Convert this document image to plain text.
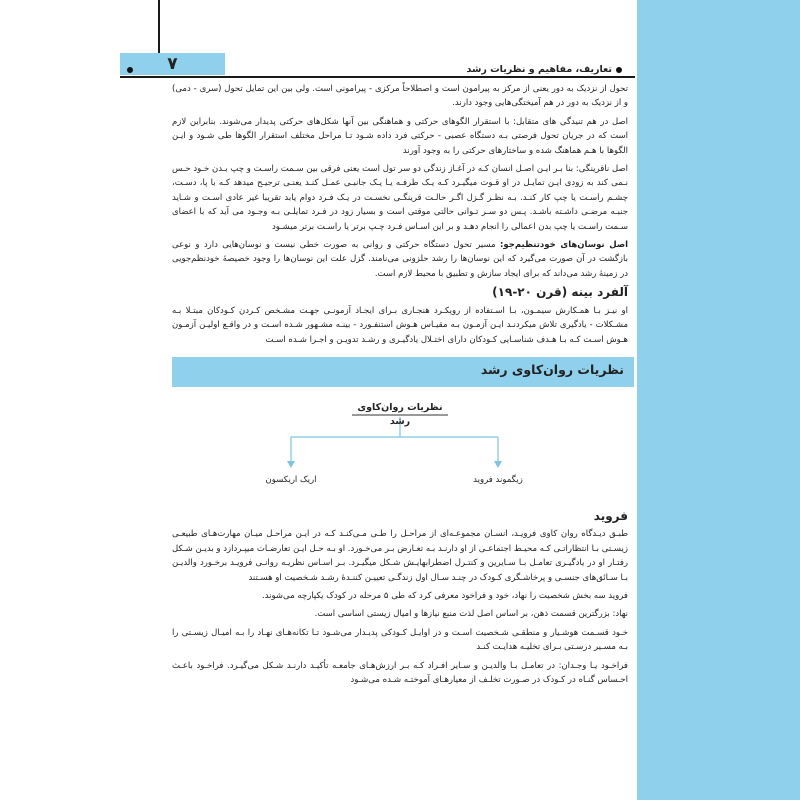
۷	تعاریف، مفاهیم و نظریات رشد

تحول از نزدیک به دور یعنی از مرکز به پیرامون است و اصطلاحاً مرکزی - پیرامونی است. ولی بین این تمایل تحول (سری - دمی) و از نزدیک به دور در هم آمیختگی‌هایی وجود دارند.

اصل در هم تنیدگی های متقابل: با استقرار الگوهای حرکتی و هماهنگی بین آنها شکل‌های حرکتی پدیدار می‌شوند. بنابراین لازم است که در جریان تحول فرصتی بـه دستگاه عصبی - حرکتی فرد داده شـود تـا مراحل مختلف استقرار الگوها طی شـود و ایـن الگوها با هـم هماهنگ شده و ساختارهای حرکتی را به وجود آورند

اصل ناقرینگی: بنا بـر ایـن اصـل انسان کـه در آغـاز زندگی دو سر تول است یعنی فرقی بین سـمت راسـت و چپ بـدن خـود حـس نـمی کند به زودی ایـن تمایـل در او قـوت میگیـرد کـه یـک طرفـه یـا یـک جانبـی عمـل کنـد یعنـی ترجیـح میدهد کـه با پا، دسـت، چشـم راسـت یا چپ کار کنـد. بـه نظـر گـزل اگـر حالـت قرینگـی نخسـت در یـک فـرد دوام یابد تقریبا غیر عادی اسـت و شـاید جنبـه مرضـی داشـته باشـد. پـس دو سـر تـوانی حالتی موقتی است و بسیار زود در فـرد تمایلـی بـه وجـود می آید که با اعضای سـمت راسـت یا چپ بدن اعمالی را انجام دهـد و بر این اسـاس فـرد چـپ برتر یا راسـت برتر میشـود

اصل نوسان‌های خودتنظیم‌جو: مسیر تحول دستگاه حرکتی و روانی به صورت خطی نیست و نوسان‌هایی دارد و نوعی بازگشت در آن صورت می‌گیرد که این نوسان‌ها را رشد حلزونی می‌نامند. گزل علت این نوسان‌ها را وجود خصیصهٔ خودنظم‌جویی در زمینهٔ رشد می‌داند که برای ایجاد سازش و تطبیق با محیط لازم است.

آلفرد بینه (قرن ۲۰-۱۹)

او نیـز بـا همـکارش سیمـون، بـا اسـتفاده از رویکـرد هنجـاری بـرای ایجـاد آزمونـی جهـت مشـخص کـردن کـودکان مبتـلا بـه مشـکلات - یادگیری تلاش میکردنـد ایـن آزمـون بـه مقیـاس هـوش استنفـورد - بینـه مشـهور شـده اسـت و در واقـع اولیـن آزمـون هـوش اسـت کـه بـا هـدف شناسـایی کـودکان دارای اختـلال یادگیـری و رشـد تدویـن و اجـرا شـده اسـت

نظریات روان‌کاوی رشد
نظریات روان‌کاوی رشد
اریک اریکسون	زیگموند فروید
فروید

طبـق دیـدگاه روان کاوی فرویـد، انسـان مجموعـه‌ای از مراحـل را طـی مـی‌کنـد کـه در ایـن مراحـل میـان مهارت‌هـای طبیعـی زیسـتی بـا انتظاراتـی کـه محیـط اجتماعـی از او دارنـد بـه تعـارض بـر می‌خـورد. او بـه حـل ایـن تعارضـات میپـردازد و بدیـن شـکل رفتـار او در یادگیـری تعامـل بـا سـایرین و کنتـرل اضطرابهایـش شـکل میگیـرد. بـر اسـاس نظریـه روانـی فرویـد برخـورد والدیـن بـا سـائق‌های جنسـی و پرخاشـگری کـودک در چنـد سـال اول زندگـی تعییـن کننـدهٔ رشـد شـخصیت او هسـتند

فروید سه بخش شخصیت را نهاد، خود و فراخود معرفی کرد که طی ۵ مرحله در کودک یکپارچه می‌شوند.

نهاد: بزرگترین قسمت ذهن، بر اساس اصل لذت منبع نیازها و امیال زیستی اساسی است.

خـود قسـمت هوشـیار و منطقـی شـخصیت اسـت و در اوایـل کـودکی پدیـدار می‌شـود تـا تکانه‌هـای نهـاد را بـه امیـال زیسـتی را بـه مسـیر درسـتی بـرای تخلیـه هدایـت کنـد

فراخـود یـا وجـدان: در تعامـل بـا والدیـن و سـایر افـراد کـه بـر ارزش‌هـای جامعـه تأکیـد دارنـد شـکل می‌گیـرد. فراخـود باعـث احـساس گنـاه در کـودک در صـورت تخلـف از معیارهـای آموختـه شـده می‌شـود
